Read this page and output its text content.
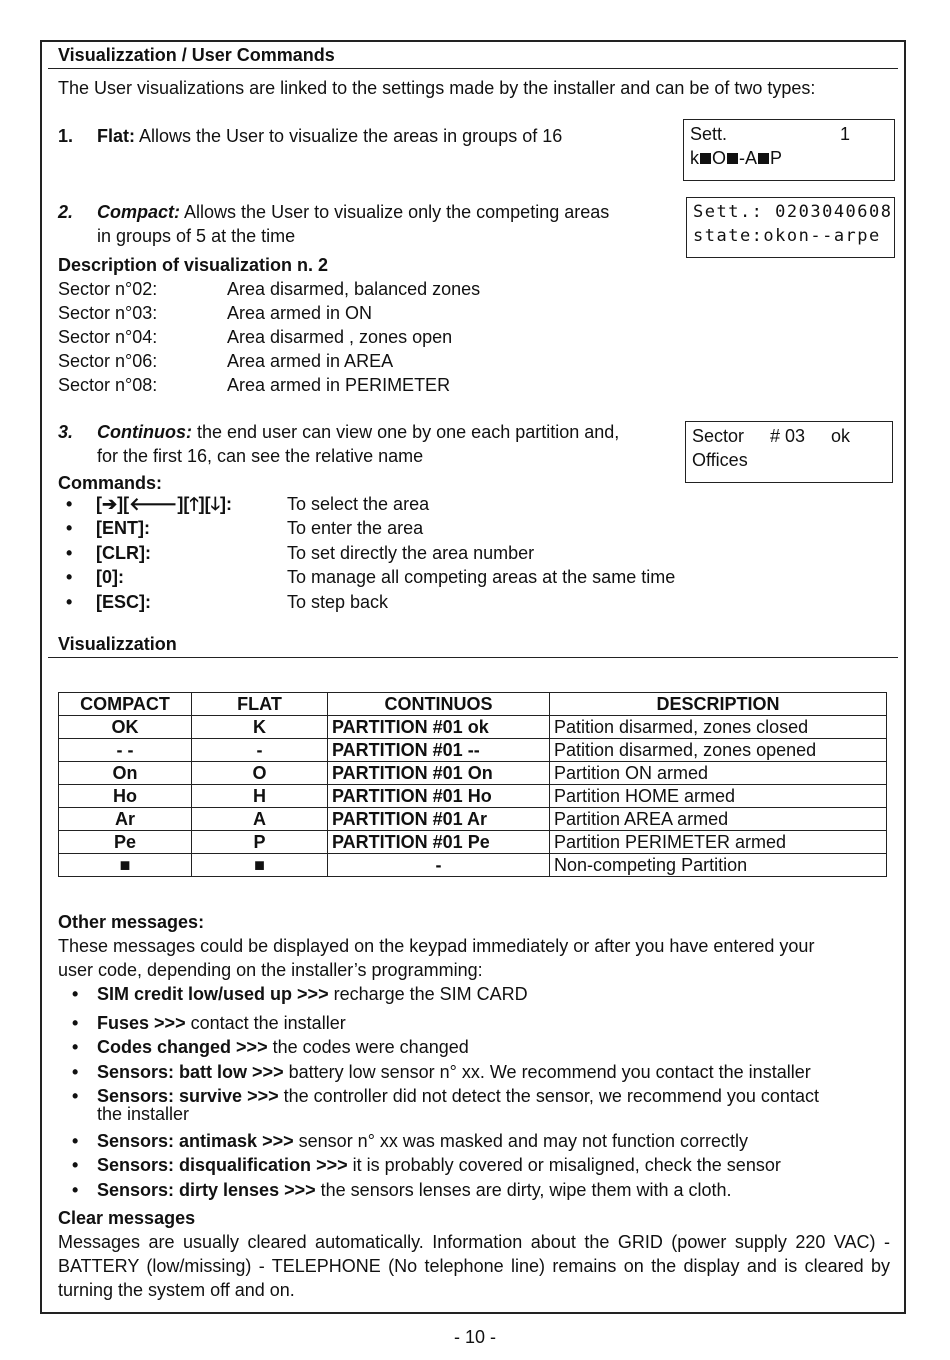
Visualizzation / User Commands
The User visualizations are linked to the settings made by the installer and can be of two types:
1. Flat: Allows the User to visualize the areas in groups of 16	Sett.	1
k O -A P
2. Compact: Allows the User to visualize only the competing areas
in groups of 5 at the time
Sett.: 0203040608
state:okon--arpe
Description of visualization n. 2
Sector n°02:	Area disarmed, balanced zones
Sector n°03:	Area armed in ON
Sector n°04:	Area disarmed , zones open
Sector n°06:	Area armed in AREA
Sector n°08:	Area armed in PERIMETER
3. Continuos: the end user can view one by one each partition and,
for the first 16, can see the relative name
Sector # 03 ok
Offices
Commands:
• [➔][🡐][🡑][🡓]:	To select the area
• [ENT]:	To enter the area
• [CLR]:	To set directly the area number
• [0]:	To manage all competing areas at the same time
• [ESC]:	To step back
Visualizzation
COMPACT	FLAT	CONTINUOS	DESCRIPTION
OK	K	PARTITION #01 ok	Patition disarmed, zones closed
- -	-	PARTITION #01 --	Patition disarmed, zones opened
On	O	PARTITION #01 On	Partition ON armed
Ho	H	PARTITION #01 Ho	Partition HOME armed
Ar	A	PARTITION #01 Ar	Partition AREA armed
Pe	P	PARTITION #01 Pe	Partition PERIMETER armed
■	■	-	Non-competing Partition
Other messages:
These messages could be displayed on the keypad immediately or after you have entered your
user code, depending on the installer’s programming:
• SIM credit low/used up >>> recharge the SIM CARD
• Fuses >>> contact the installer
• Codes changed >>> the codes were changed
• Sensors: batt low >>> battery low sensor n° xx. We recommend you contact the installer
• Sensors: survive >>> the controller did not detect the sensor, we recommend you contact
the installer
• Sensors: antimask >>> sensor n° xx was masked and may not function correctly
• Sensors: disqualification >>> it is probably covered or misaligned, check the sensor
• Sensors: dirty lenses >>> the sensors lenses are dirty, wipe them with a cloth.
Clear messages
Messages are usually cleared automatically. Information about the GRID (power supply 220 VAC) - BATTERY (low/missing) - TELEPHONE (No telephone line) remains on the display and is cleared by turning the system off and on.
- 10 -
